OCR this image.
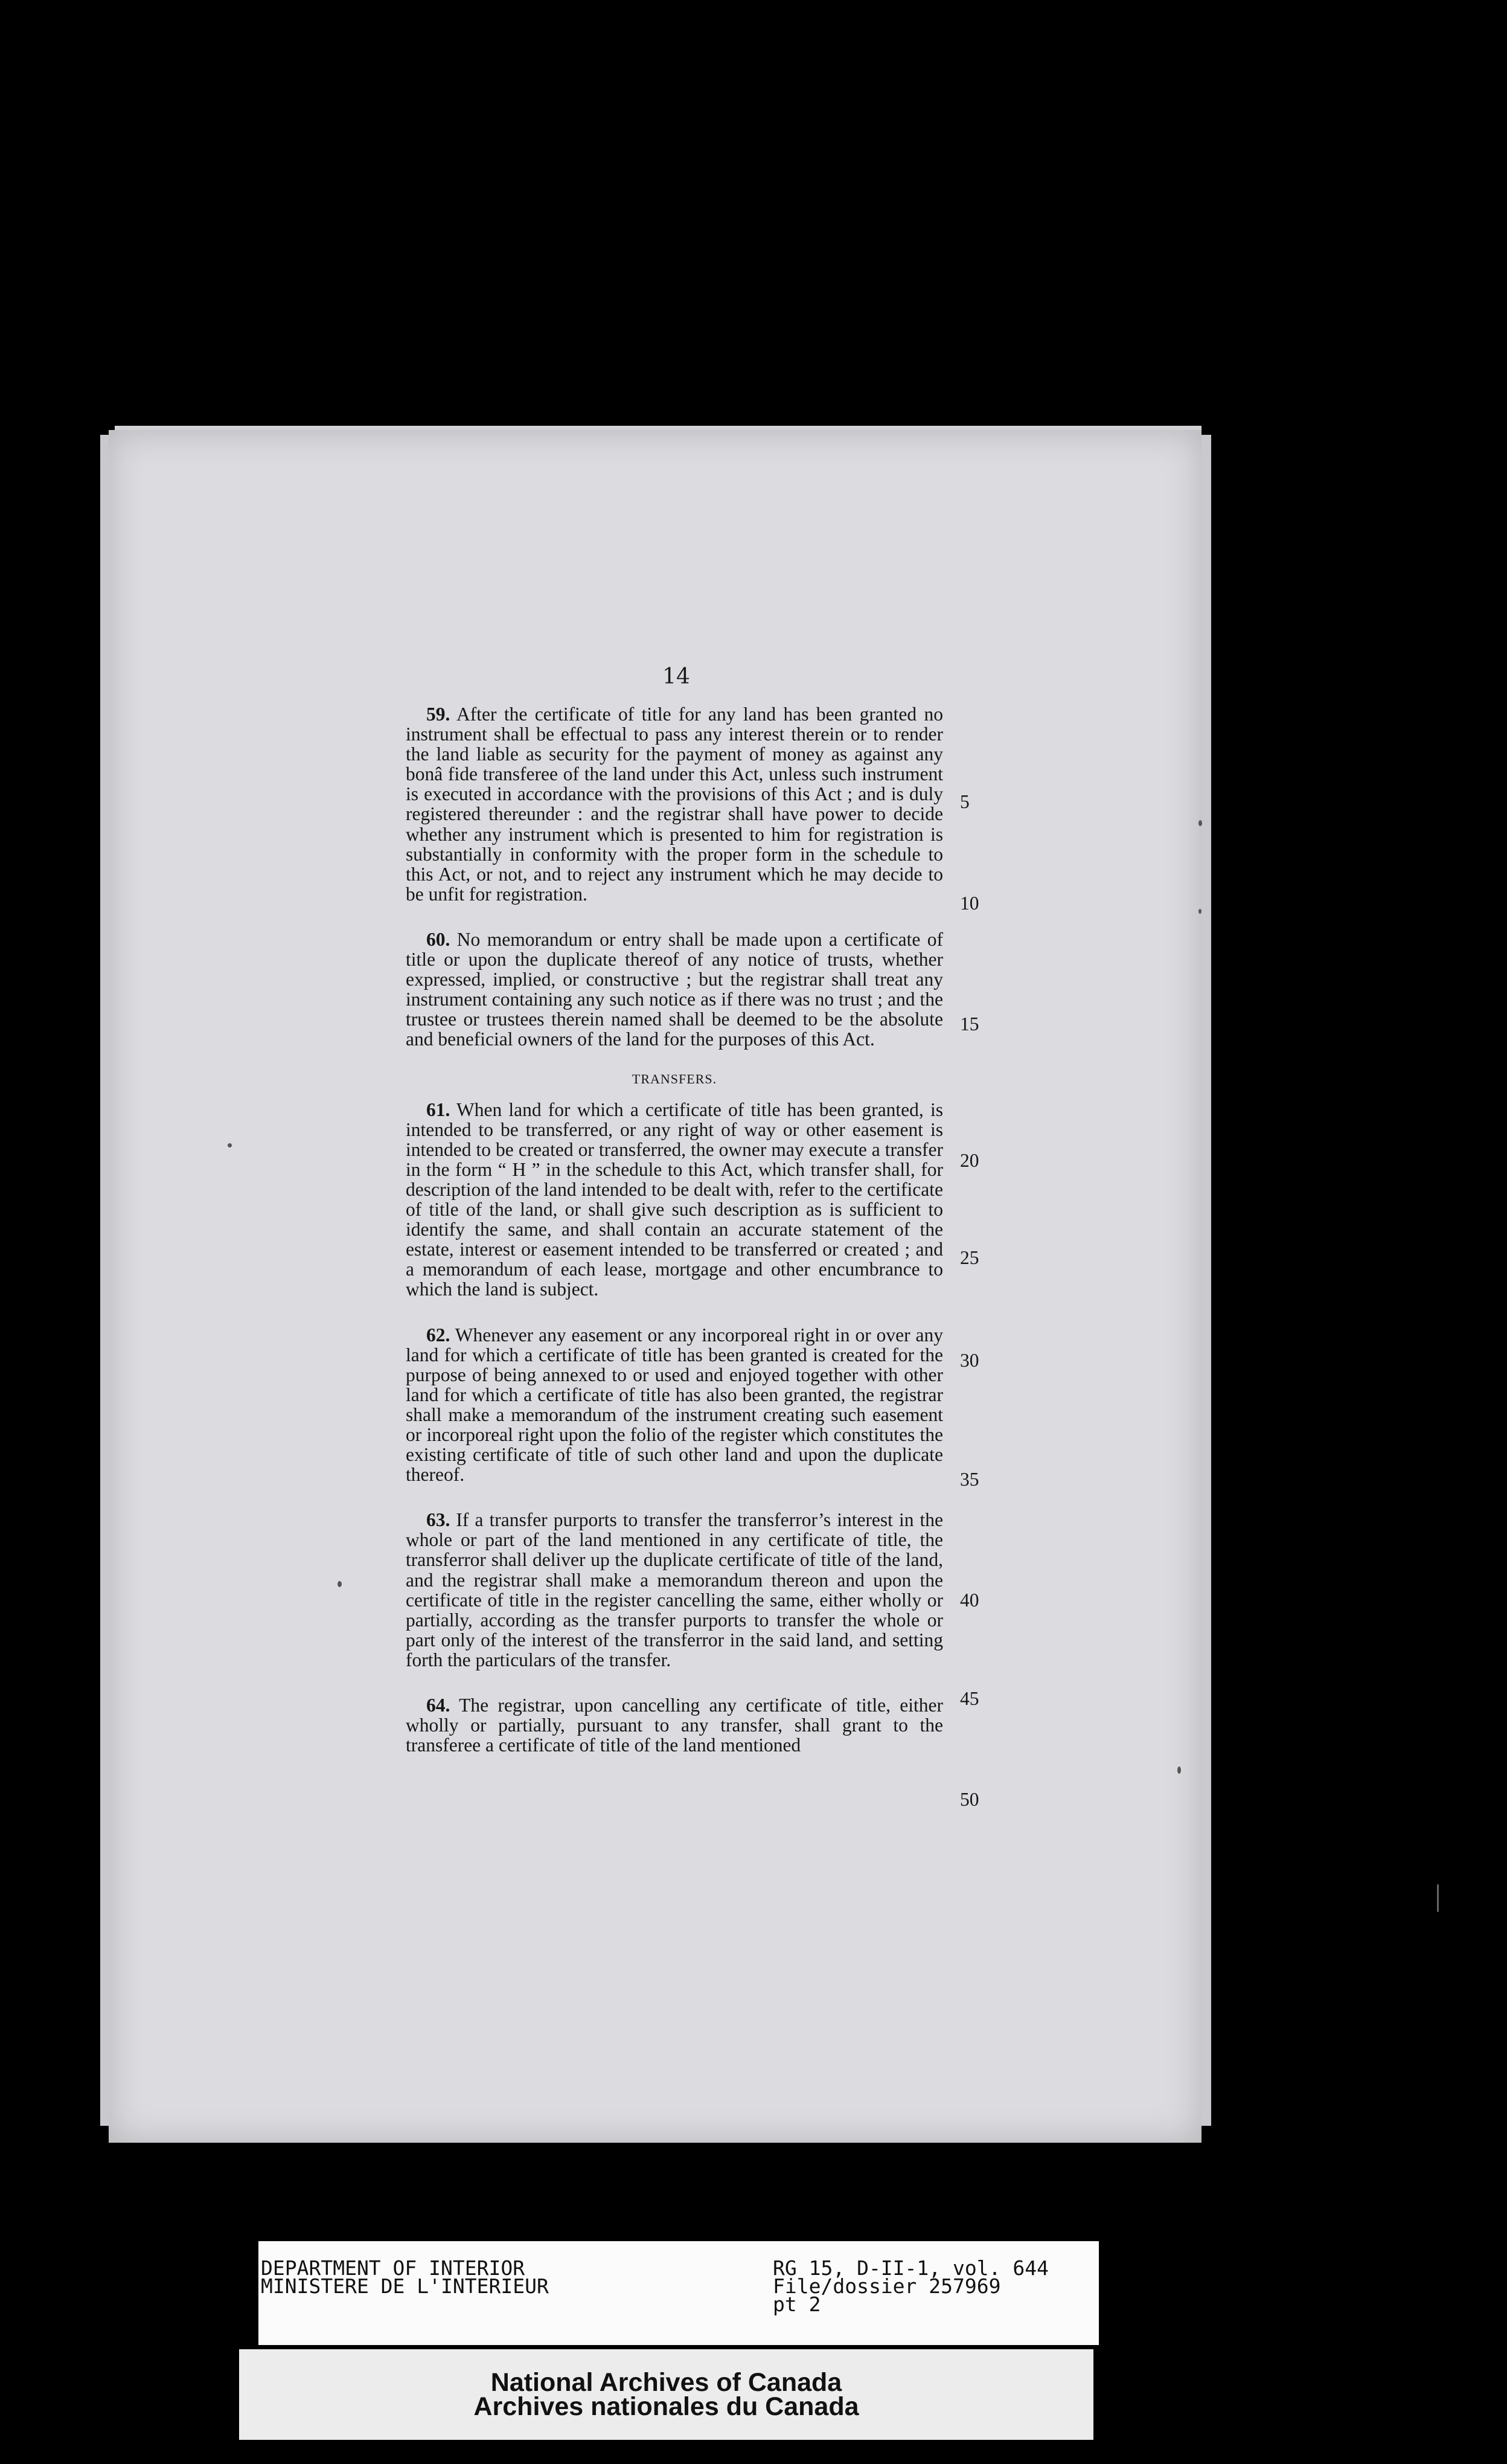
14

59. After the certificate of title for any land has been granted no instrument shall be effectual to pass any interest therein or to render the land liable as security for the payment of money as against any bonâ fide transferee of the land under this Act, unless such instrument is executed in accordance with the provisions of this Act ; and is duly registered thereunder : and the registrar shall have power to decide whether any instrument which is presented to him for registration is substantially in conformity with the proper form in the schedule to this Act, or not, and to reject any instrument which he may decide to be unfit for registration.

60. No memorandum or entry shall be made upon a certificate of title or upon the duplicate thereof of any notice of trusts, whether expressed, implied, or constructive ; but the registrar shall treat any instrument containing any such notice as if there was no trust ; and the trustee or trustees therein named shall be deemed to be the absolute and beneficial owners of the land for the purposes of this Act.

TRANSFERS.

61. When land for which a certificate of title has been granted, is intended to be transferred, or any right of way or other easement is intended to be created or transferred, the owner may execute a transfer in the form “ H ” in the schedule to this Act, which transfer shall, for description of the land intended to be dealt with, refer to the certificate of title of the land, or shall give such description as is sufficient to identify the same, and shall contain an accurate statement of the estate, interest or easement intended to be transferred or created ; and a memorandum of each lease, mortgage and other encumbrance to which the land is subject.

62. Whenever any easement or any incorporeal right in or over any land for which a certificate of title has been granted is created for the purpose of being annexed to or used and enjoyed together with other land for which a certificate of title has also been granted, the registrar shall make a memorandum of the instrument creating such easement or incorporeal right upon the folio of the register which constitutes the existing certificate of title of such other land and upon the duplicate thereof.

63. If a transfer purports to transfer the transferror’s interest in the whole or part of the land mentioned in any certificate of title, the transferror shall deliver up the duplicate certificate of title of the land, and the registrar shall make a memorandum thereon and upon the certificate of title in the register cancelling the same, either wholly or partially, according as the transfer purports to transfer the whole or part only of the interest of the transferror in the said land, and setting forth the particulars of the transfer.

64. The registrar, upon cancelling any certificate of title, either wholly or partially, pursuant to any transfer, shall grant to the transferee a certificate of title of the land mentioned

5
10
15
20
25
30
35
40
45
50
DEPARTMENT OF INTERIOR
MINISTERE DE L'INTERIEUR
RG 15, D-II-1, vol. 644
File/dossier 257969
pt 2
National Archives of Canada
Archives nationales du Canada
